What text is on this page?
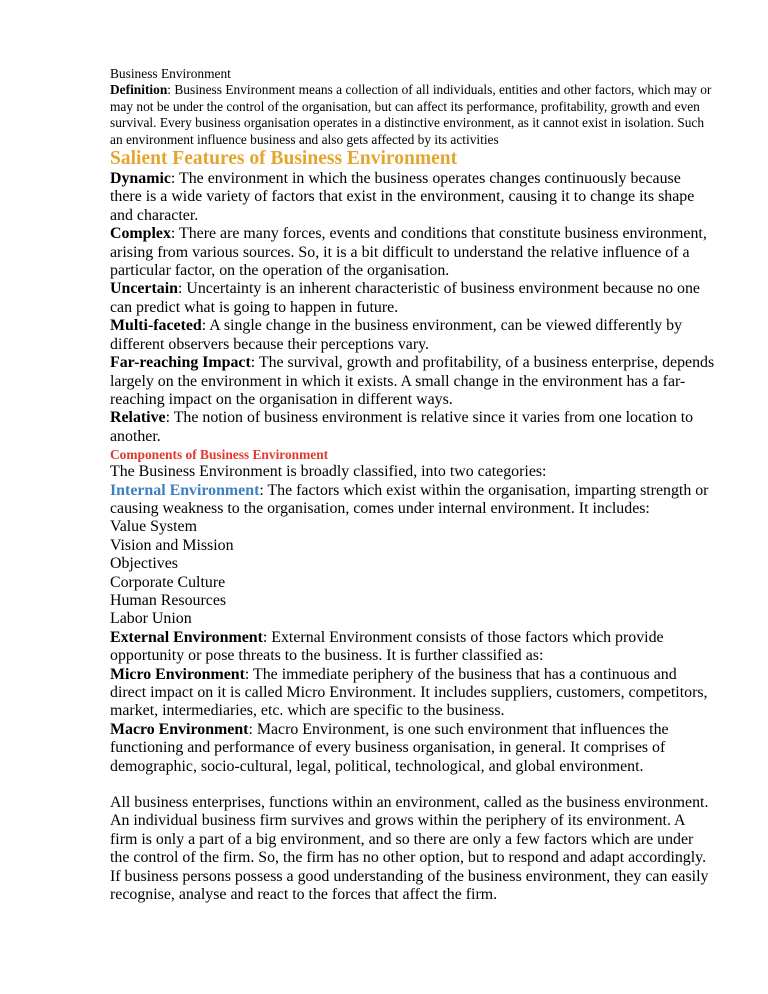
Business Environment

Definition: Business Environment means a collection of all individuals, entities and other factors, which may or may not be under the control of the organisation, but can affect its performance, profitability, growth and even survival. Every business organisation operates in a distinctive environment, as it cannot exist in isolation. Such an environment influence business and also gets affected by its activities

Salient Features of Business Environment

Dynamic: The environment in which the business operates changes continuously because there is a wide variety of factors that exist in the environment, causing it to change its shape and character.

Complex: There are many forces, events and conditions that constitute business environment, arising from various sources. So, it is a bit difficult to understand the relative influence of a particular factor, on the operation of the organisation.

Uncertain: Uncertainty is an inherent characteristic of business environment because no one can predict what is going to happen in future.

Multi-faceted: A single change in the business environment, can be viewed differently by different observers because their perceptions vary.

Far-reaching Impact: The survival, growth and profitability, of a business enterprise, depends largely on the environment in which it exists. A small change in the environment has a far-reaching impact on the organisation in different ways.

Relative: The notion of business environment is relative since it varies from one location to another.

Components of Business Environment

The Business Environment is broadly classified, into two categories:

Internal Environment: The factors which exist within the organisation, imparting strength or causing weakness to the organisation, comes under internal environment. It includes:

Value System

Vision and Mission

Objectives

Corporate Culture

Human Resources

Labor Union

External Environment: External Environment consists of those factors which provide opportunity or pose threats to the business. It is further classified as:

Micro Environment: The immediate periphery of the business that has a continuous and direct impact on it is called Micro Environment. It includes suppliers, customers, competitors, market, intermediaries, etc. which are specific to the business.

Macro Environment: Macro Environment, is one such environment that influences the functioning and performance of every business organisation, in general. It comprises of demographic, socio-cultural, legal, political, technological, and global environment.

All business enterprises, functions within an environment, called as the business environment. An individual business firm survives and grows within the periphery of its environment. A firm is only a part of a big environment, and so there are only a few factors which are under the control of the firm. So, the firm has no other option, but to respond and adapt accordingly. If business persons possess a good understanding of the business environment, they can easily recognise, analyse and react to the forces that affect the firm.
